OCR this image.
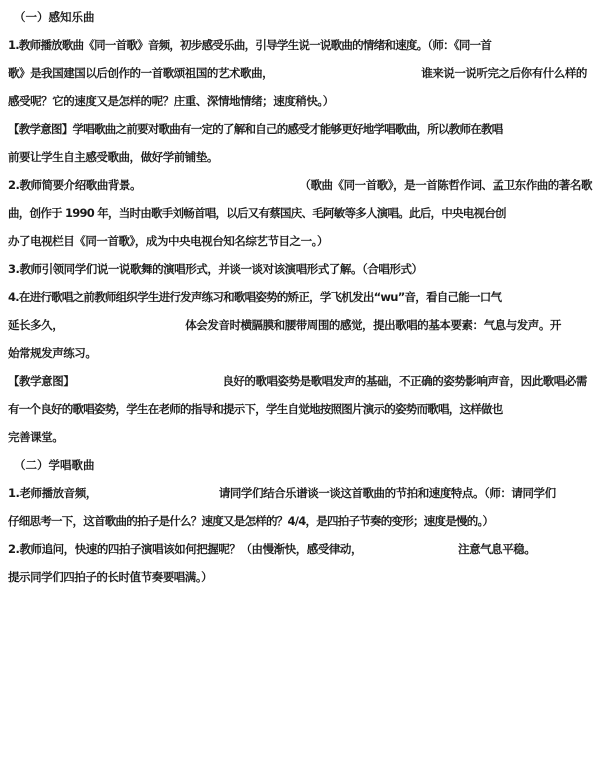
（一）感知乐曲
1.教师播放歌曲《同一首歌》音频，初步感受乐曲，引导学生说一说歌曲的情绪和速度。（师：《同一首
歌》是我国建国以后创作的一首歌颂祖国的艺术歌曲，	谁来说一说听完之后你有什么样的
感受呢？它的速度又是怎样的呢？庄重、深情地情绪；速度稍快。）
【教学意图】学唱歌曲之前要对歌曲有一定的了解和自己的感受才能够更好地学唱歌曲，所以教师在教唱
前要让学生自主感受歌曲，做好学前铺垫。
2.教师简要介绍歌曲背景。	（歌曲《同一首歌》，是一首陈哲作词、孟卫东作曲的著名歌
曲，创作于 1990 年，当时由歌手刘畅首唱，以后又有蔡国庆、毛阿敏等多人演唱。此后，中央电视台创
办了电视栏目《同一首歌》，成为中央电视台知名综艺节目之一。）
3.教师引领同学们说一说歌舞的演唱形式，并谈一谈对该演唱形式了解。（合唱形式）
4.在进行歌唱之前教师组织学生进行发声练习和歌唱姿势的矫正，学飞机发出“wu”音，看自己能一口气
延长多久，	体会发音时横膈膜和腰带周围的感觉，提出歌唱的基本要素：气息与发声。开
始常规发声练习。
【教学意图】	良好的歌唱姿势是歌唱发声的基础，不正确的姿势影响声音，因此歌唱必需
有一个良好的歌唱姿势，学生在老师的指导和提示下，学生自觉地按照图片演示的姿势而歌唱，这样做也
完善课堂。
（二）学唱歌曲
1.老师播放音频，	请同学们结合乐谱谈一谈这首歌曲的节拍和速度特点。（师：请同学们
仔细思考一下，这首歌曲的拍子是什么？速度又是怎样的？4/4，是四拍子节奏的变形；速度是慢的。）
2.教师追问，快速的四拍子演唱该如何把握呢？（由慢渐快，感受律动，	注意气息平稳。
提示同学们四拍子的长时值节奏要唱满。）
